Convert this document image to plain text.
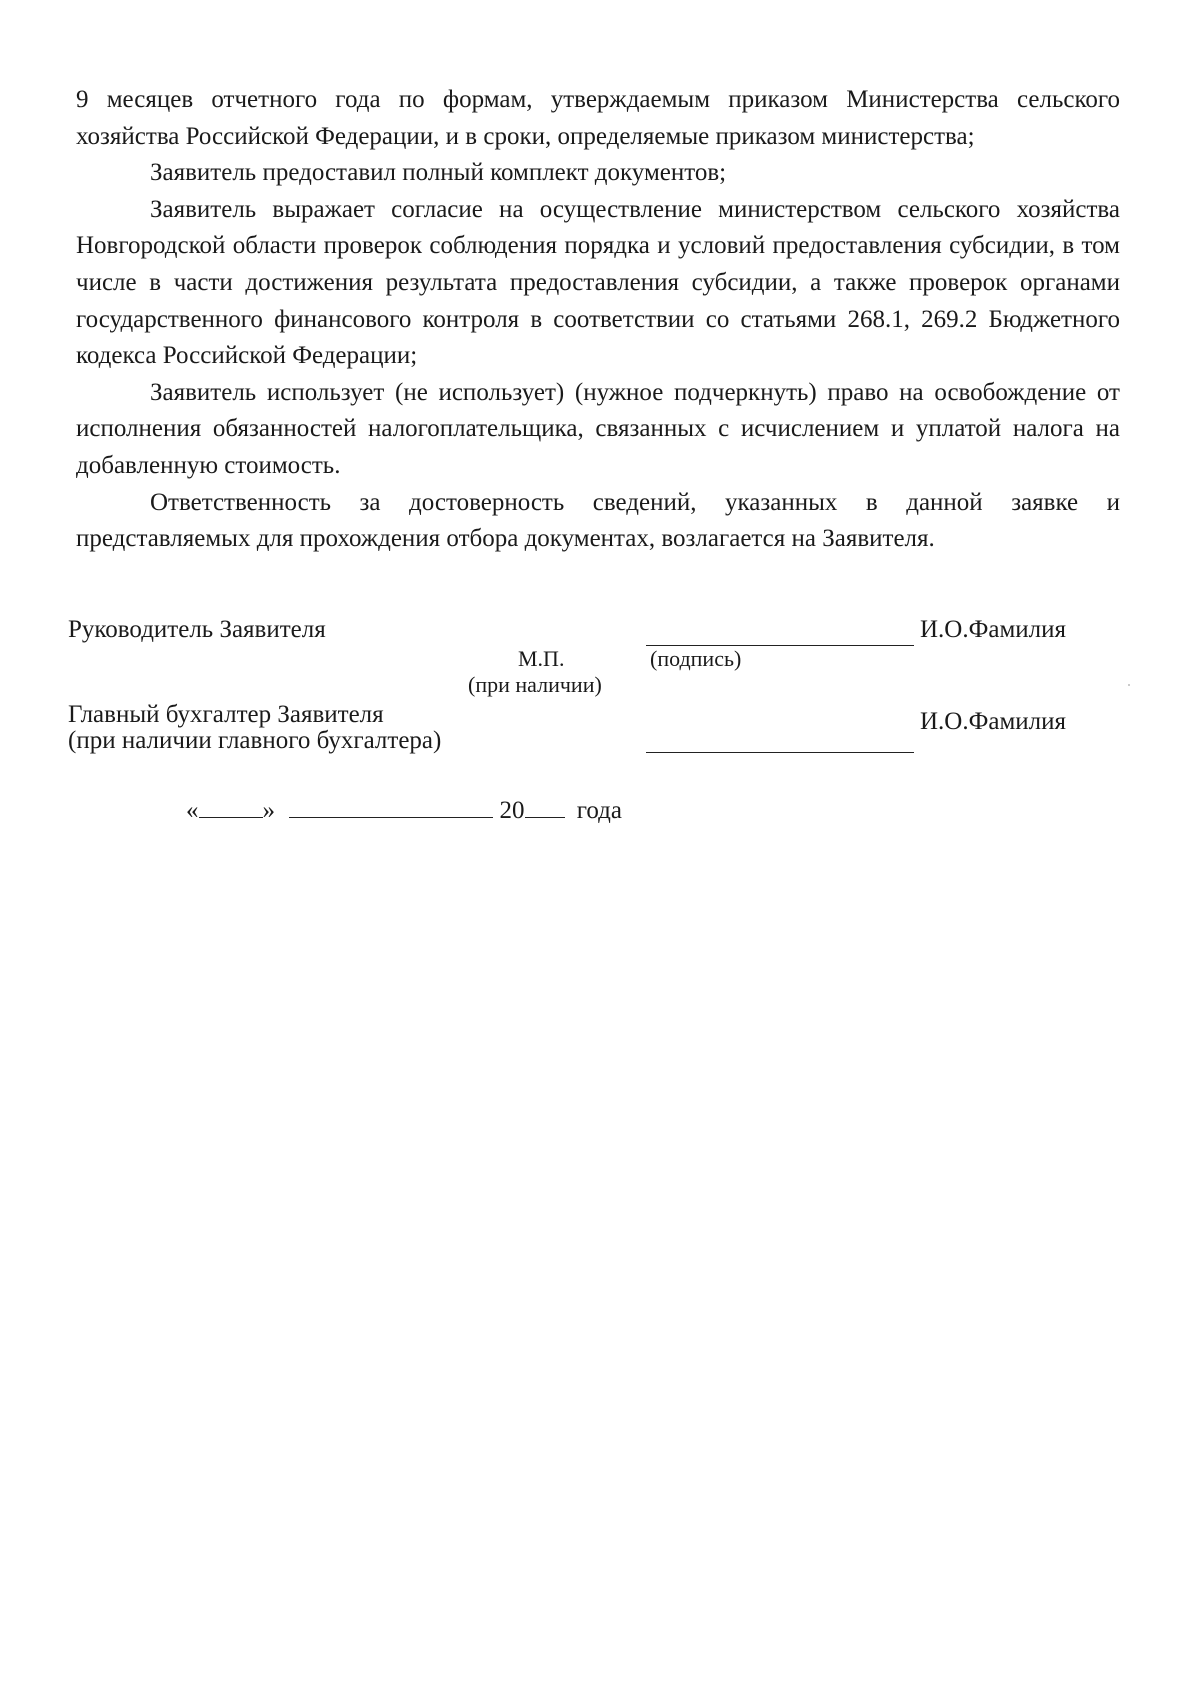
9 месяцев отчетного года по формам, утверждаемым приказом Министерства сельского хозяйства Российской Федерации, и в сроки, определяемые приказом министерства;

Заявитель предоставил полный комплект документов;

Заявитель выражает согласие на осуществление министерством сельского хозяйства Новгородской области проверок соблюдения порядка и условий предоставления субсидии, в том числе в части достижения результата предоставления субсидии, а также проверок органами государственного финансового контроля в соответствии со статьями 268.1, 269.2 Бюджетного кодекса Российской Федерации;

Заявитель использует (не использует) (нужное подчеркнуть) право на освобождение от исполнения обязанностей налогоплательщика, связанных с исчислением и уплатой налога на добавленную стоимость.

Ответственность за достоверность сведений, указанных в данной заявке и представляемых для прохождения отбора документах, возлагается на Заявителя.

Руководитель Заявителя	И.О.Фамилия
М.П.	(подпись)
(при наличии)
Главный бухгалтер Заявителя
(при наличии главного бухгалтера)
И.О.Фамилия
«	»	20 года
